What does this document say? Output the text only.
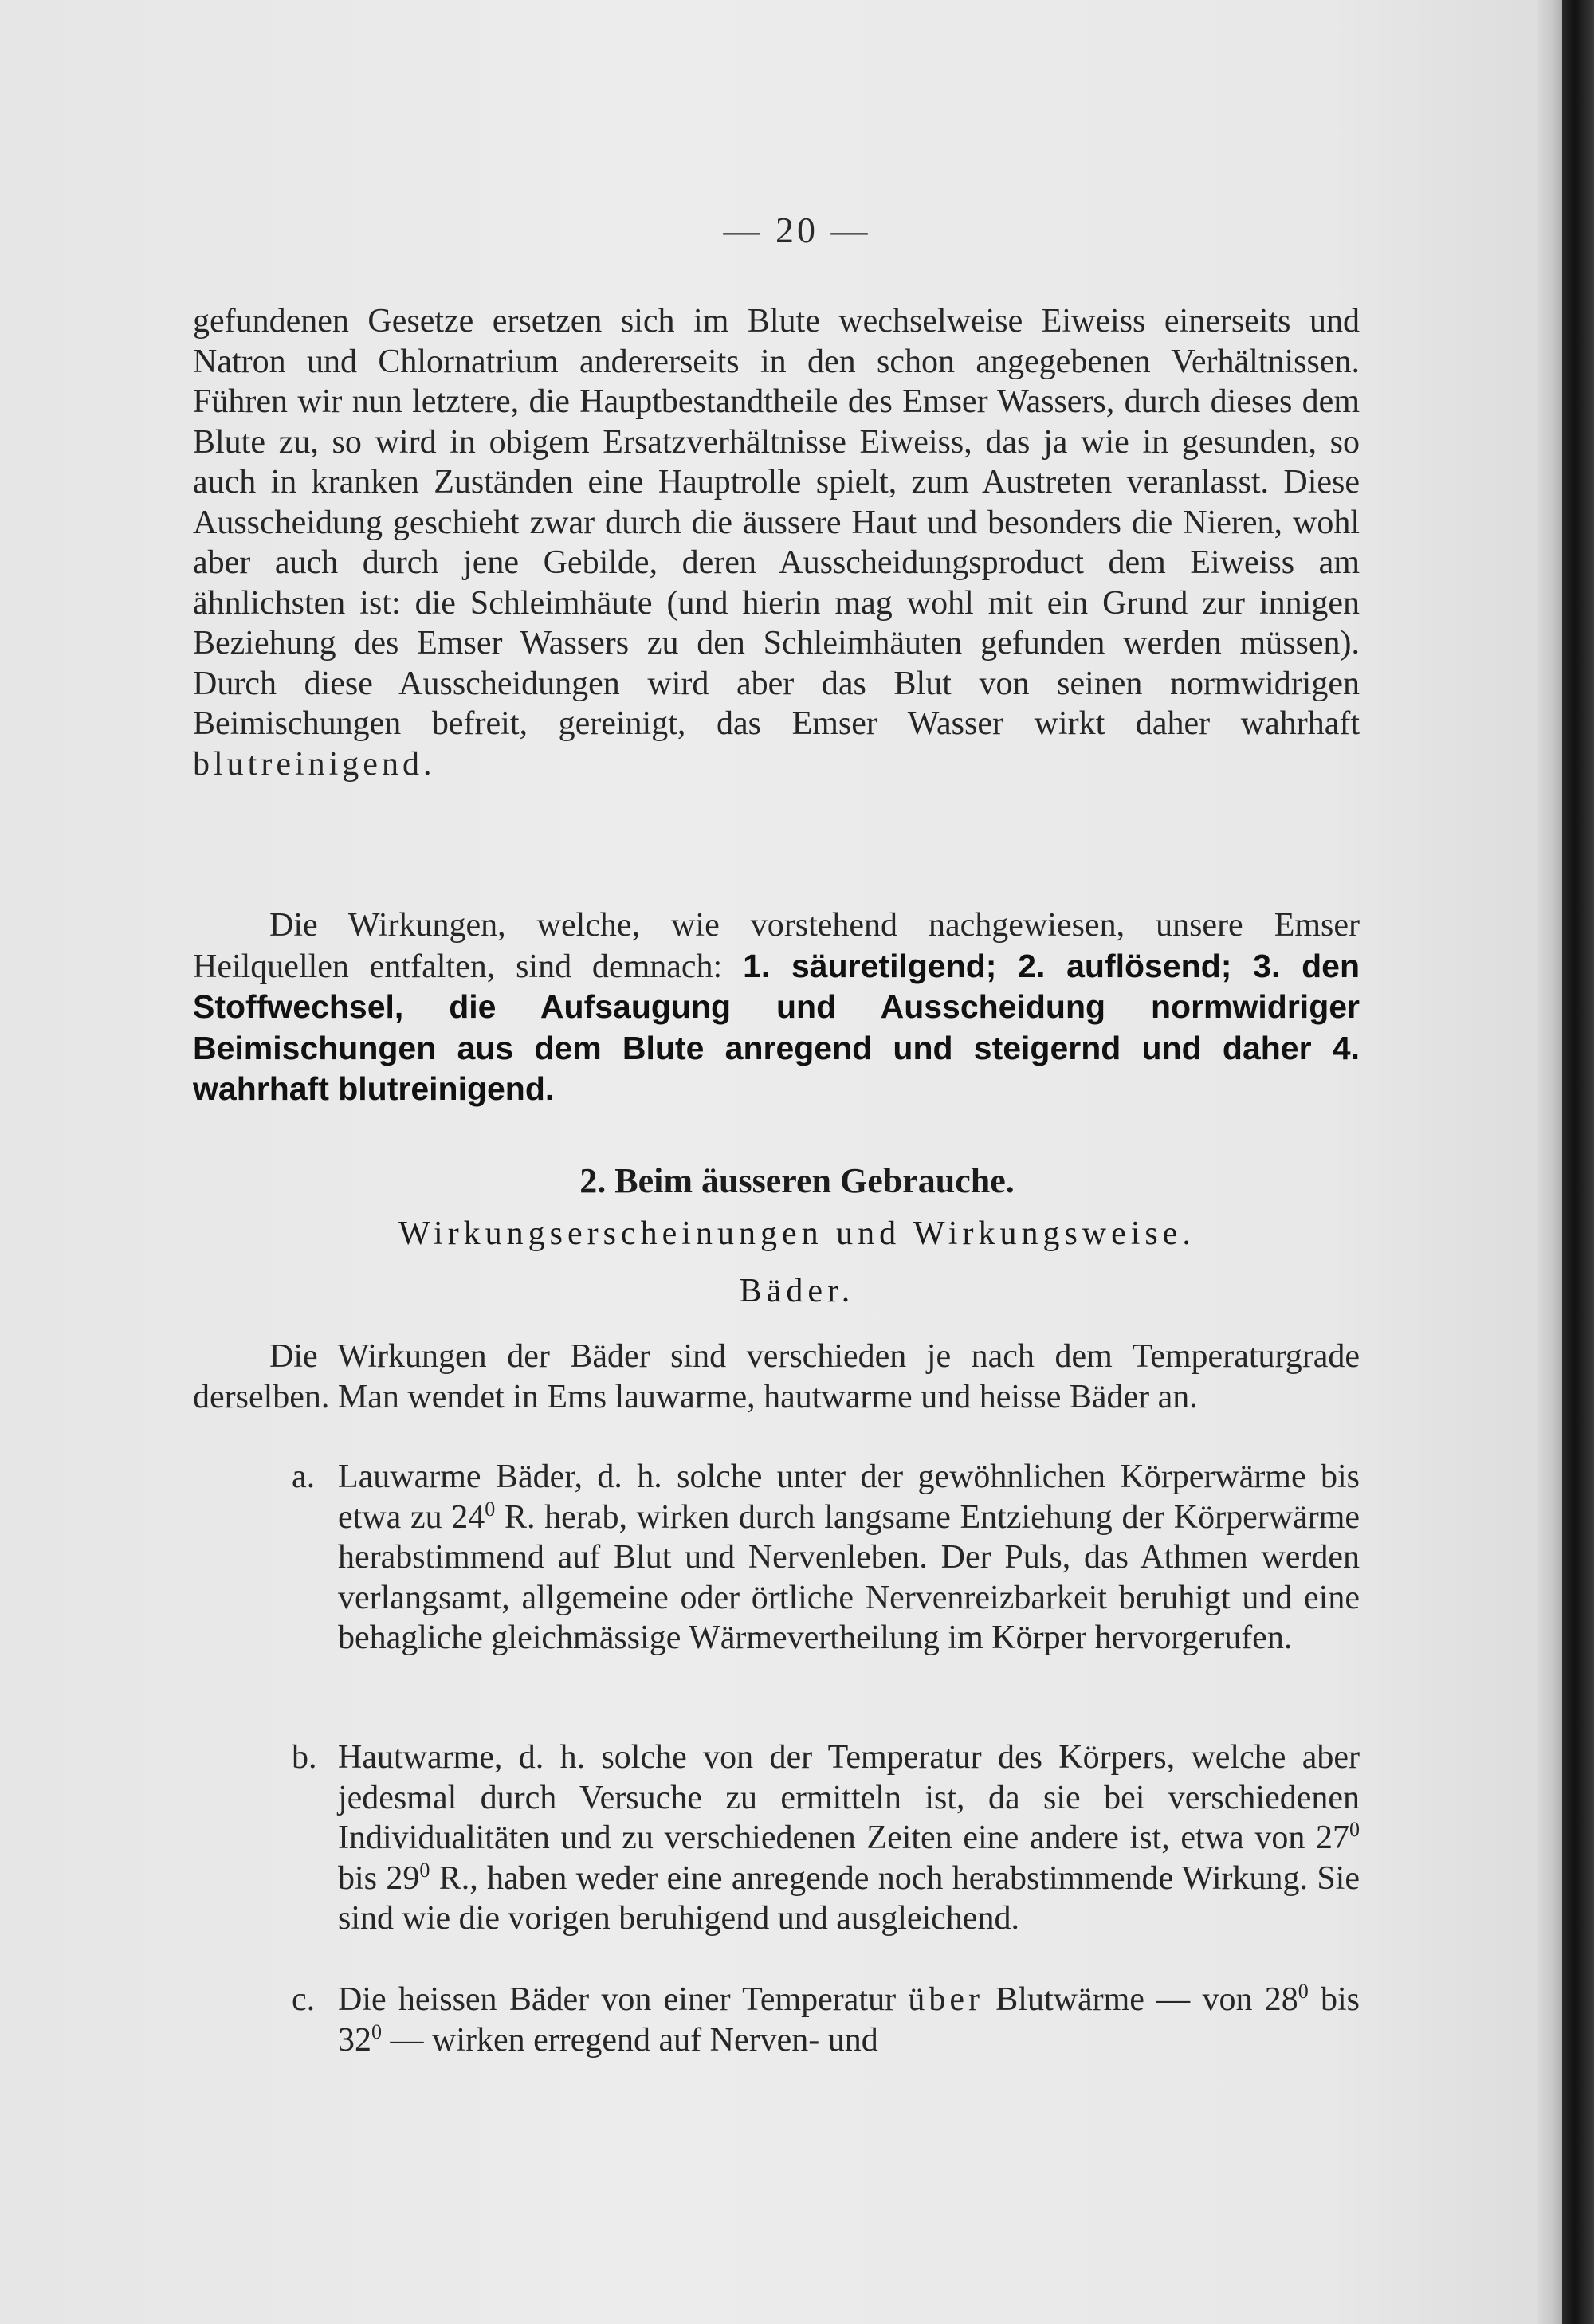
— 20 —
gefundenen Gesetze ersetzen sich im Blute wechselweise Eiweiss einerseits und Natron und Chlornatrium andererseits in den schon angegebenen Verhältnissen. Führen wir nun letztere, die Hauptbestandtheile des Emser Wassers, durch dieses dem Blute zu, so wird in obigem Ersatzverhältnisse Eiweiss, das ja wie in gesunden, so auch in kranken Zuständen eine Hauptrolle spielt, zum Austreten veranlasst. Diese Ausscheidung geschieht zwar durch die äussere Haut und besonders die Nieren, wohl aber auch durch jene Gebilde, deren Ausscheidungsproduct dem Eiweiss am ähnlichsten ist: die Schleimhäute (und hierin mag wohl mit ein Grund zur innigen Beziehung des Emser Wassers zu den Schleimhäuten gefunden werden müssen). Durch diese Ausscheidungen wird aber das Blut von seinen normwidrigen Beimischungen befreit, gereinigt, das Emser Wasser wirkt daher wahrhaft blutreinigend.
Die Wirkungen, welche, wie vorstehend nachgewiesen, unsere Emser Heilquellen entfalten, sind demnach: 1. säuretilgend; 2. auflösend; 3. den Stoffwechsel, die Aufsaugung und Ausscheidung normwidriger Beimischungen aus dem Blute anregend und steigernd und daher 4. wahrhaft blutreinigend.
2. Beim äusseren Gebrauche.
Wirkungserscheinungen und Wirkungsweise.
Bäder.
Die Wirkungen der Bäder sind verschieden je nach dem Temperaturgrade derselben. Man wendet in Ems lauwarme, hautwarme und heisse Bäder an.
a. Lauwarme Bäder, d. h. solche unter der gewöhnlichen Körperwärme bis etwa zu $24^0$ R. herab, wirken durch langsame Entziehung der Körperwärme herabstimmend auf Blut und Nervenleben. Der Puls, das Athmen werden verlangsamt, allgemeine oder örtliche Nervenreizbarkeit beruhigt und eine behagliche gleichmässige Wärmevertheilung im Körper hervorgerufen.
b. Hautwarme, d. h. solche von der Temperatur des Körpers, welche aber jedesmal durch Versuche zu ermitteln ist, da sie bei verschiedenen Individualitäten und zu verschiedenen Zeiten eine andere ist, etwa von $27^0$ bis $29^0$ R., haben weder eine anregende noch herabstimmende Wirkung. Sie sind wie die vorigen beruhigend und ausgleichend.
c. Die heissen Bäder von einer Temperatur über Blutwärme — von $28^0$ bis $32^0$ — wirken erregend auf Nerven- und
